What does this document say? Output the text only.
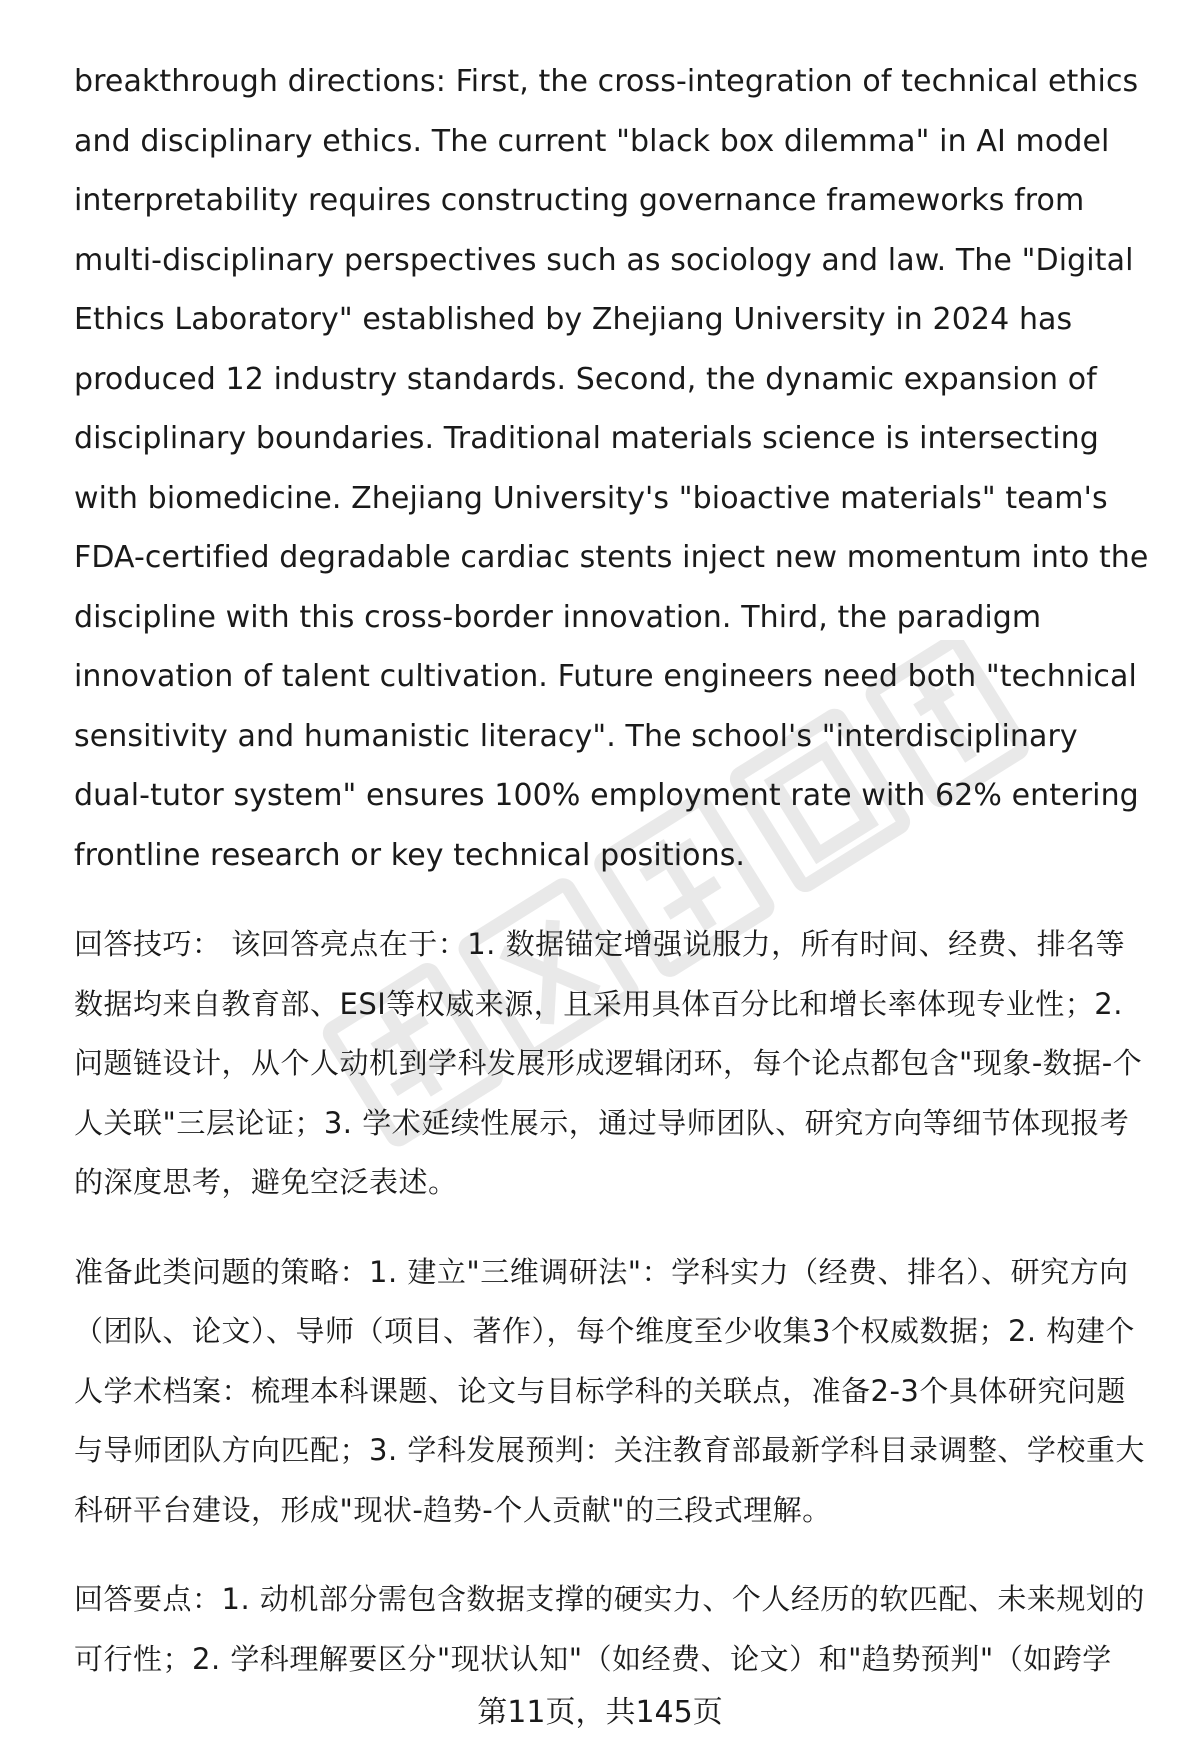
breakthrough directions: First, the cross-integration of technical ethics and disciplinary ethics. The current "black box dilemma" in AI model interpretability requires constructing governance frameworks from multi-disciplinary perspectives such as sociology and law. The "Digital Ethics Laboratory" established by Zhejiang University in 2024 has produced 12 industry standards. Second, the dynamic expansion of disciplinary boundaries. Traditional materials science is intersecting with biomedicine. Zhejiang University's "bioactive materials" team's FDA-certified degradable cardiac stents inject new momentum into the discipline with this cross-border innovation. Third, the paradigm innovation of talent cultivation. Future engineers need both "technical sensitivity and humanistic literacy". The school's "interdisciplinary dual-tutor system" ensures 100% employment rate with 62% entering frontline research or key technical positions.

回答技巧： 该回答亮点在于：1. 数据锚定增强说服力，所有时间、经费、排名等数据均来自教育部、ESI等权威来源，且采用具体百分比和增长率体现专业性；2. 问题链设计，从个人动机到学科发展形成逻辑闭环，每个论点都包含"现象-数据-个人关联"三层论证；3. 学术延续性展示，通过导师团队、研究方向等细节体现报考的深度思考，避免空泛表述。

准备此类问题的策略：1. 建立"三维调研法"：学科实力（经费、排名）、研究方向（团队、论文）、导师（项目、著作），每个维度至少收集3个权威数据；2. 构建个人学术档案：梳理本科课题、论文与目标学科的关联点，准备2-3个具体研究问题与导师团队方向匹配；3. 学科发展预判：关注教育部最新学科目录调整、学校重大科研平台建设，形成"现状-趋势-个人贡献"的三段式理解。

回答要点：1. 动机部分需包含数据支撑的硬实力、个人经历的软匹配、未来规划的可行性；2. 学科理解要区分"现状认知"（如经费、论文）和"趋势预判"（如跨学

第11页，共145页
